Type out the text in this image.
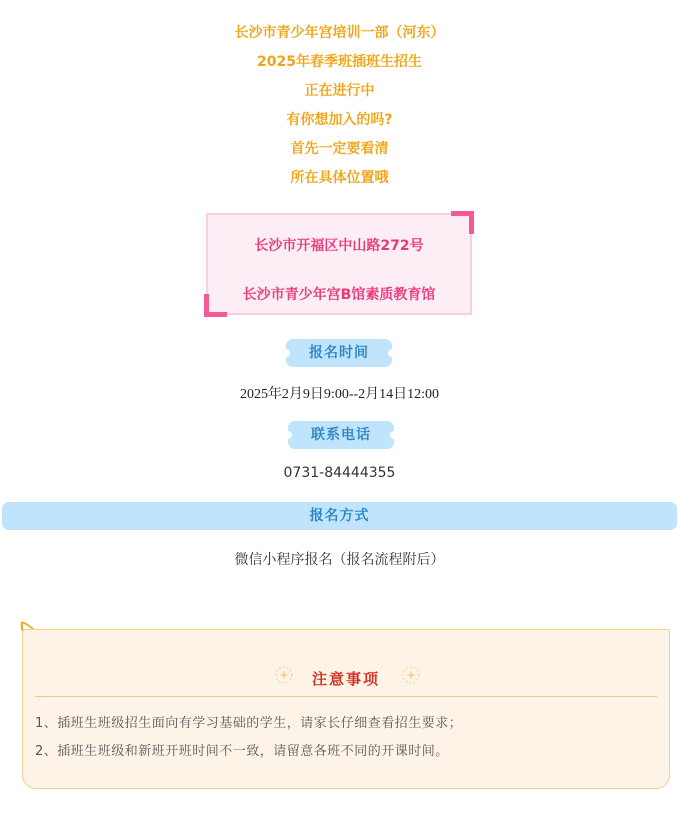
长沙市青少年宫培训一部（河东）
2025年春季班插班生招生
正在进行中
有你想加入的吗?
首先一定要看清
所在具体位置哦
长沙市开福区中山路272号
长沙市青少年宫B馆素质教育馆
报名时间
2025年2月9日9:00--2月14日12:00
联系电话
0731-84444355
报名方式
微信小程序报名（报名流程附后）
注意事项
1、插班生班级招生面向有学习基础的学生，请家长仔细查看招生要求；
2、插班生班级和新班开班时间不一致，请留意各班不同的开课时间。
